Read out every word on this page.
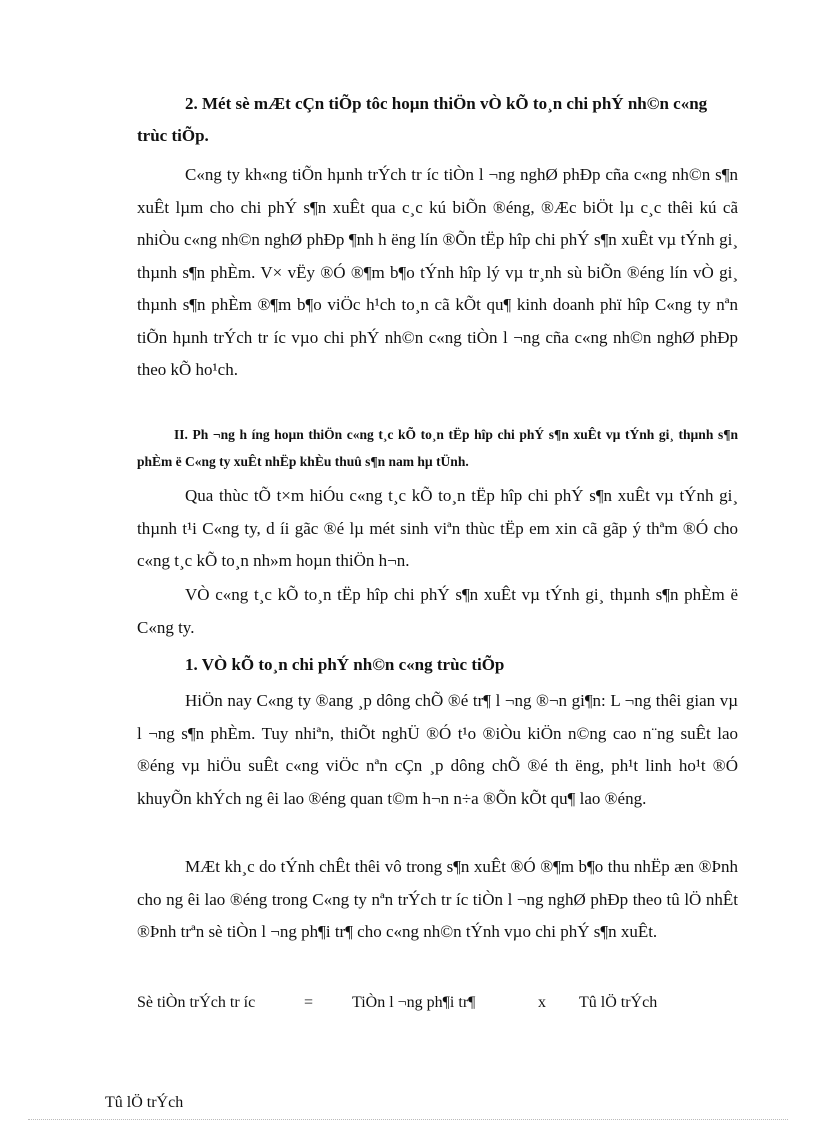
2. Mét sè mÆt cÇn tiÕp tôc hoµn thiÖn vÒ kÕ to¸n chi phÝ nh©n c«ng trùc tiÕp.

C«ng ty kh«ng tiÕn hµnh trÝch tr íc tiÒn l ¬ng nghØ phÐp cña c«ng nh©n s¶n xuÊt lµm cho chi phÝ s¶n xuÊt qua c¸c kú biÕn ®éng, ®Æc biÖt lµ c¸c thêi kú cã nhiÒu c«ng nh©n nghØ phÐp ¶nh h ëng lín ®Õn tËp hîp chi phÝ s¶n xuÊt vµ tÝnh gi¸ thµnh s¶n phÈm. V× vËy ®Ó ®¶m b¶o tÝnh hîp lý vµ tr¸nh sù biÕn ®éng lín vÒ gi¸ thµnh s¶n phÈm ®¶m b¶o viÖc h¹ch to¸n cã kÕt qu¶ kinh doanh phï hîp C«ng ty nªn tiÕn hµnh trÝch tr íc vµo chi phÝ nh©n c«ng tiÒn l ¬ng cña c«ng nh©n nghØ phÐp theo kÕ ho¹ch.

II. Ph ¬ng h íng hoµn thiÖn c«ng t¸c kÕ to¸n tËp hîp chi phÝ s¶n xuÊt vµ tÝnh gi¸ thµnh s¶n phÈm ë C«ng ty xuÊt nhËp khÈu thuû s¶n nam hµ tÜnh.

Qua thùc tÕ t×m hiÓu c«ng t¸c kÕ to¸n tËp hîp chi phÝ s¶n xuÊt vµ tÝnh gi¸ thµnh t¹i C«ng ty, d íi gãc ®é lµ mét sinh viªn thùc tËp em xin cã gãp ý thªm ®Ó cho c«ng t¸c kÕ to¸n nh»m hoµn thiÖn h¬n.

VÒ c«ng t¸c kÕ to¸n tËp hîp chi phÝ s¶n xuÊt vµ tÝnh gi¸ thµnh s¶n phÈm ë C«ng ty.

1. VÒ kÕ to¸n chi phÝ nh©n c«ng trùc tiÕp

HiÖn nay C«ng ty ®ang ¸p dông chÕ ®é tr¶ l ¬ng ®¬n gi¶n: L ¬ng thêi gian vµ l ¬ng s¶n phÈm. Tuy nhiªn, thiÕt nghÜ ®Ó t¹o ®iÒu kiÖn n©ng cao n¨ng suÊt lao ®éng vµ hiÖu suÊt c«ng viÖc nªn cÇn ¸p dông chÕ ®é th ëng, ph¹t linh ho¹t ®Ó khuyÕn khÝch ng êi lao ®éng quan t©m h¬n n÷a ®Õn kÕt qu¶ lao ®éng.

MÆt kh¸c do tÝnh chÊt thêi vô trong s¶n xuÊt ®Ó ®¶m b¶o thu nhËp æn ®Þnh cho ng êi lao ®éng trong C«ng ty nªn trÝch tr íc tiÒn l ¬ng nghØ phÐp theo tû lÖ nhÊt ®Þnh trªn sè tiÒn l ¬ng ph¶i tr¶ cho c«ng nh©n tÝnh vµo chi phÝ s¶n xuÊt.

Sè tiÒn trÝch tr íc	= TiÒn l ¬ng ph¶i tr¶	x Tû lÖ trÝch
Tû lÖ trÝch
